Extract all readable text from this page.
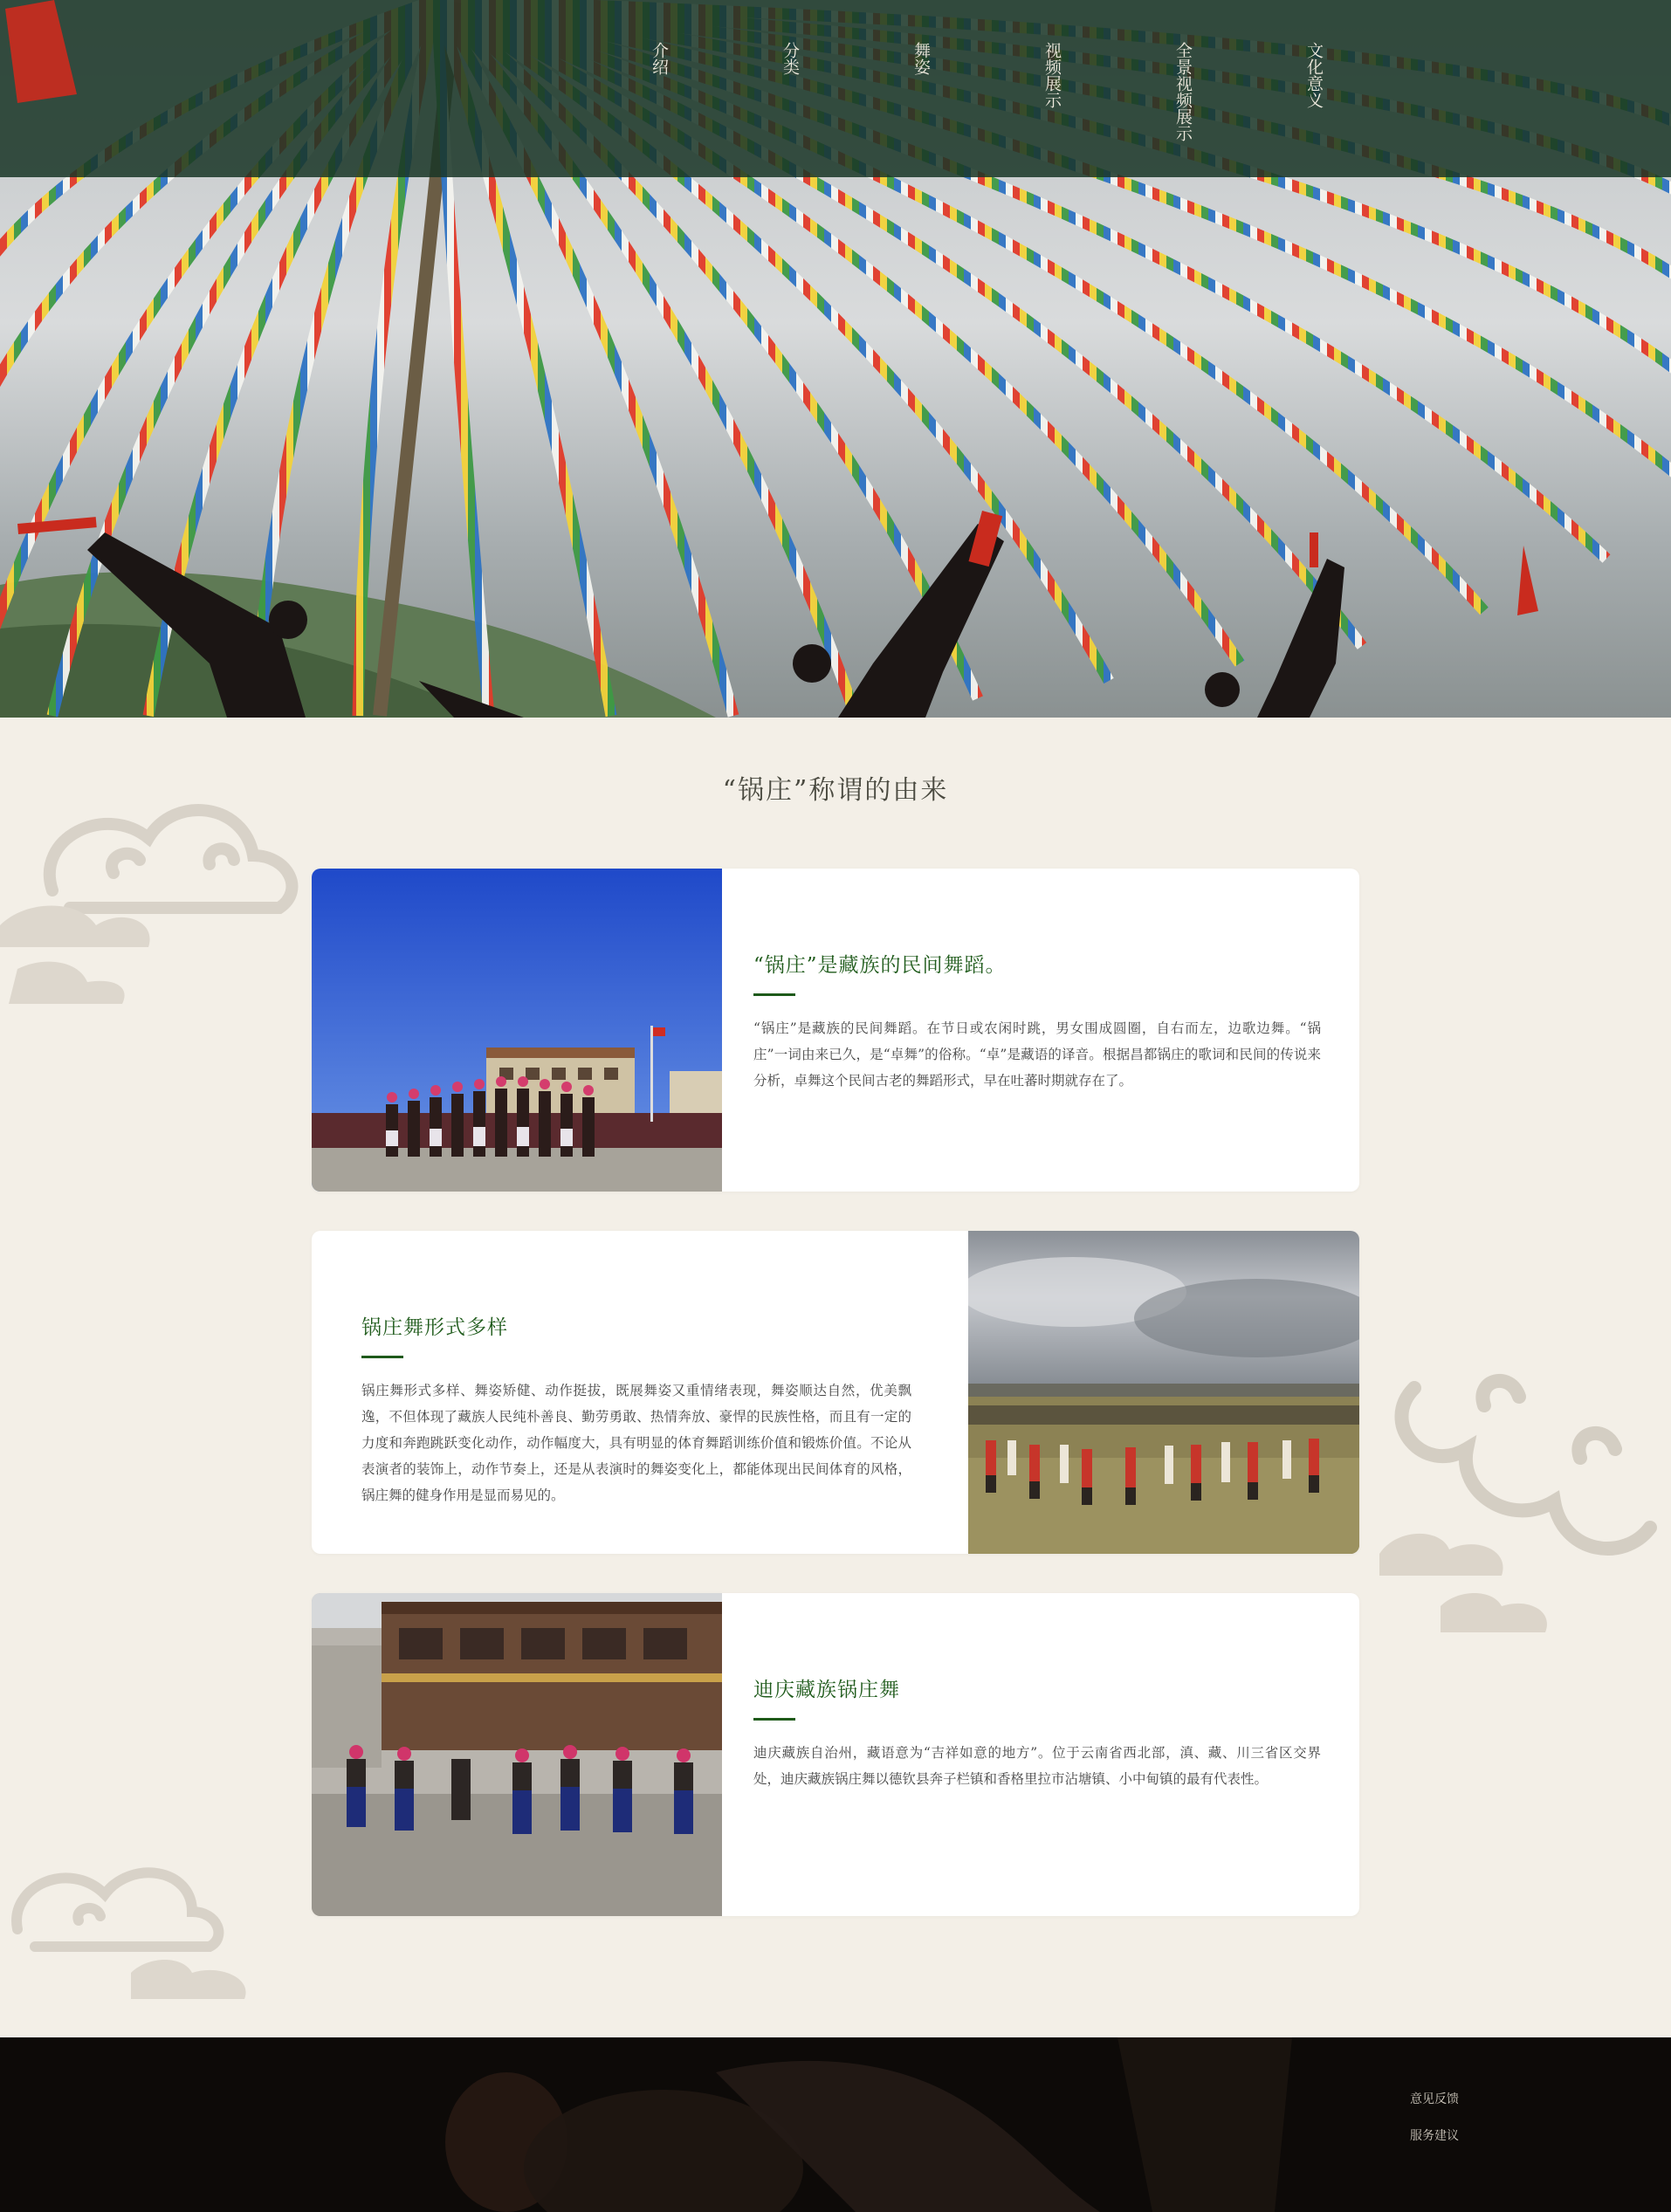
介绍	分类	舞姿	视频展示	全景视频展示	文化意义
“锅庄”称谓的由来
“锅庄”是藏族的民间舞蹈。

“锅庄”是藏族的民间舞蹈。在节日或农闲时跳，男女围成圆圈，自右而左，边歌边舞。“锅庄”一词由来已久，是“卓舞”的俗称。“卓”是藏语的译音。根据昌都锅庄的歌词和民间的传说来分析，卓舞这个民间古老的舞蹈形式，早在吐蕃时期就存在了。

锅庄舞形式多样

锅庄舞形式多样、舞姿矫健、动作挺拔，既展舞姿又重情绪表现，舞姿顺达自然，优美飘逸，不但体现了藏族人民纯朴善良、勤劳勇敢、热情奔放、豪悍的民族性格，而且有一定的力度和奔跑跳跃变化动作，动作幅度大，具有明显的体育舞蹈训练价值和锻炼价值。不论从表演者的装饰上，动作节奏上，还是从表演时的舞姿变化上，都能体现出民间体育的风格，锅庄舞的健身作用是显而易见的。

迪庆藏族锅庄舞

迪庆藏族自治州，藏语意为“吉祥如意的地方”。位于云南省西北部，滇、藏、川三省区交界处，迪庆藏族锅庄舞以德钦县奔子栏镇和香格里拉市沾塘镇、小中甸镇的最有代表性。

意见反馈
服务建议
